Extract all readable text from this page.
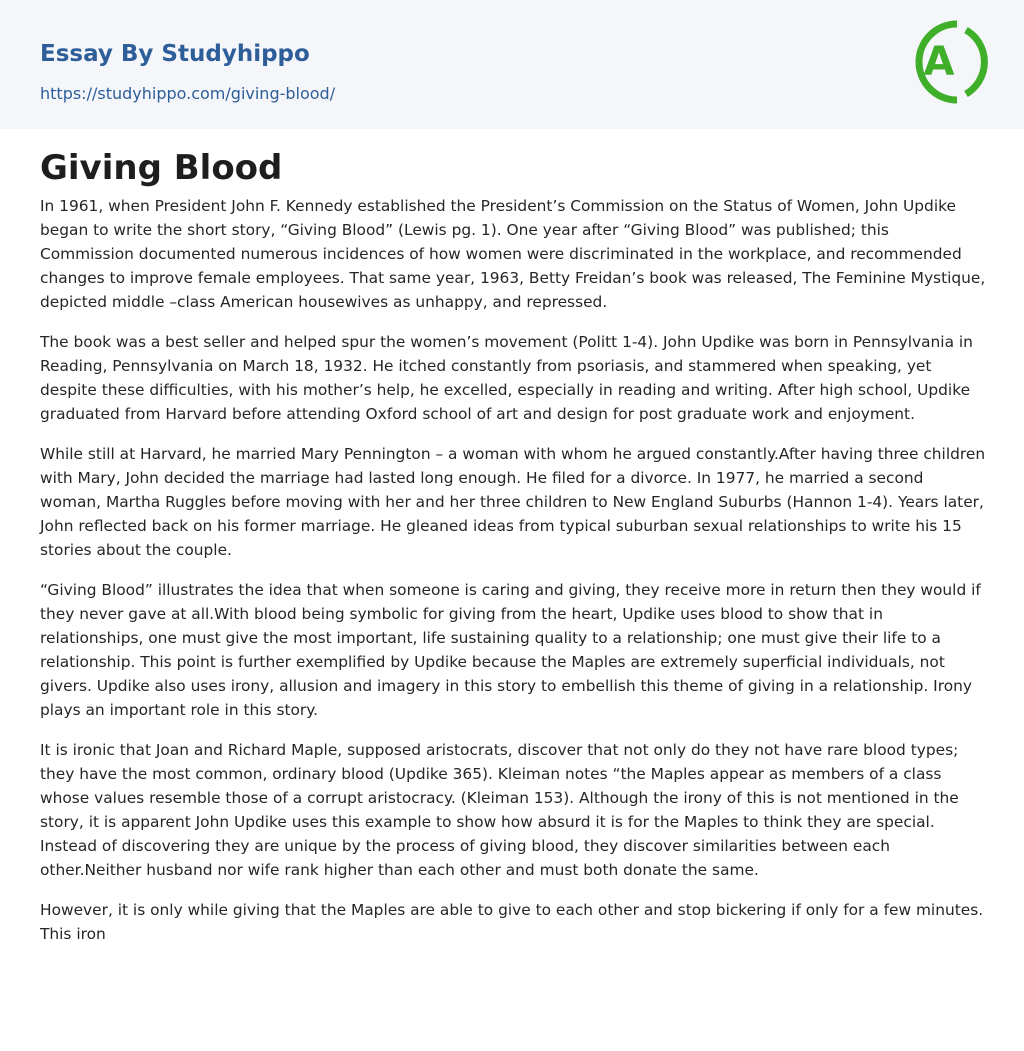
Essay By Studyhippo
https://studyhippo.com/giving-blood/
A
Giving Blood

In 1961, when President John F. Kennedy established the President’s Commission on the Status of Women, John Updike began to write the short story, “Giving Blood” (Lewis pg. 1). One year after “Giving Blood” was published; this Commission documented numerous incidences of how women were discriminated in the workplace, and recommended changes to improve female employees. That same year, 1963, Betty Freidan’s book was released, The Feminine Mystique, depicted middle –class American housewives as unhappy, and repressed.

The book was a best seller and helped spur the women’s movement (Politt 1-4). John Updike was born in Pennsylvania in Reading, Pennsylvania on March 18, 1932. He itched constantly from psoriasis, and stammered when speaking, yet despite these difficulties, with his mother’s help, he excelled, especially in reading and writing. After high school, Updike graduated from Harvard before attending Oxford school of art and design for post graduate work and enjoyment.

While still at Harvard, he married Mary Pennington – a woman with whom he argued constantly.After having three children with Mary, John decided the marriage had lasted long enough. He filed for a divorce. In 1977, he married a second woman, Martha Ruggles before moving with her and her three children to New England Suburbs (Hannon 1-4). Years later, John reflected back on his former marriage. He gleaned ideas from typical suburban sexual relationships to write his 15 stories about the couple.

“Giving Blood” illustrates the idea that when someone is caring and giving, they receive more in return then they would if they never gave at all.With blood being symbolic for giving from the heart, Updike uses blood to show that in relationships, one must give the most important, life sustaining quality to a relationship; one must give their life to a relationship. This point is further exemplified by Updike because the Maples are extremely superficial individuals, not givers. Updike also uses irony, allusion and imagery in this story to embellish this theme of giving in a relationship. Irony plays an important role in this story.

It is ironic that Joan and Richard Maple, supposed aristocrats, discover that not only do they not have rare blood types; they have the most common, ordinary blood (Updike 365). Kleiman notes “the Maples appear as members of a class whose values resemble those of a corrupt aristocracy. (Kleiman 153). Although the irony of this is not mentioned in the story, it is apparent John Updike uses this example to show how absurd it is for the Maples to think they are special. Instead of discovering they are unique by the process of giving blood, they discover similarities between each other.Neither husband nor wife rank higher than each other and must both donate the same.

However, it is only while giving that the Maples are able to give to each other and stop bickering if only for a few minutes. This iron
